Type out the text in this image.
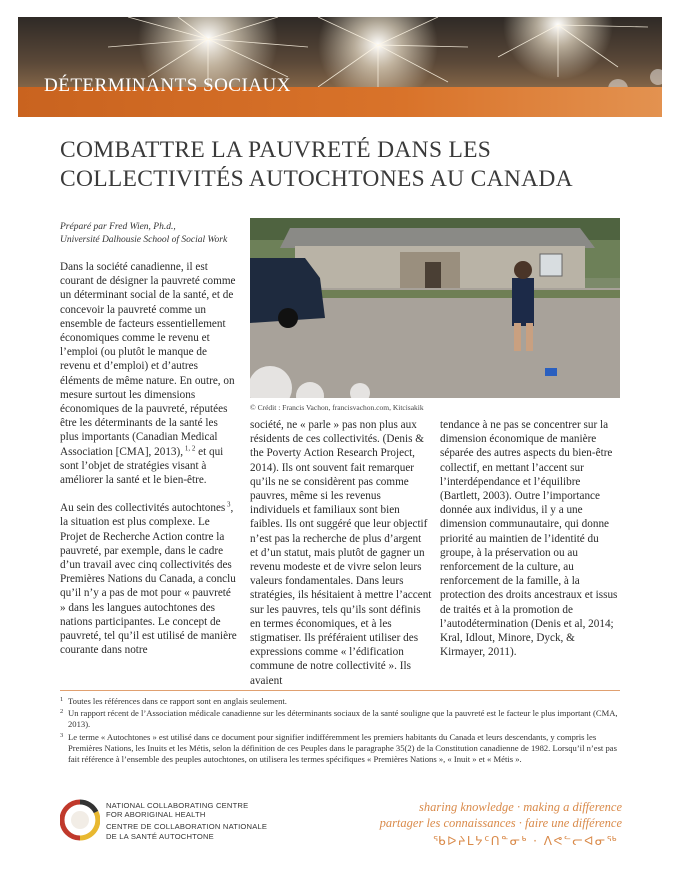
DÉTERMINANTS SOCIAUX
COMBATTRE LA PAUVRETÉ DANS LES
COLLECTIVITÉS AUTOCHTONES AU CANADA
Préparé par Fred Wien, Ph.d.,
Université Dalhousie School of Social Work

Dans la société canadienne, il est courant de désigner la pauvreté comme un déterminant social de la santé, et de concevoir la pauvreté comme un ensemble de facteurs essentiellement économiques comme le revenu et l’emploi (ou plutôt le manque de revenu et d’emploi) et d’autres éléments de même nature. En outre, on mesure surtout les dimensions économiques de la pauvreté, réputées être les déterminants de la santé les plus importants (Canadian Medical Association [CMA], 2013), $^{1, 2}$ et qui sont l’objet de stratégies visant à améliorer la santé et le bien-être.

Au sein des collectivités autochtones $^3$, la situation est plus complexe. Le Projet de Recherche Action contre la pauvreté, par exemple, dans le cadre d’un travail avec cinq collectivités des Premières Nations du Canada, a conclu qu’il n’y a pas de mot pour « pauvreté » dans les langues autochtones des nations participantes. Le concept de pauvreté, tel qu’il est utilisé de manière courante dans notre

© Crédit : Francis Vachon, francisvachon.com, Kitcisakik

société, ne « parle » pas non plus aux résidents de ces collectivités. (Denis & the Poverty Action Research Project, 2014). Ils ont souvent fait remarquer qu’ils ne se considèrent pas comme pauvres, même si les revenus individuels et familiaux sont bien faibles. Ils ont suggéré que leur objectif n’est pas la recherche de plus d’argent et d’un statut, mais plutôt de gagner un revenu modeste et de vivre selon leurs valeurs fondamentales. Dans leurs stratégies, ils hésitaient à mettre l’accent sur les pauvres, tels qu’ils sont définis en termes économiques, et à les stigmatiser. Ils préféraient utiliser des expressions comme « l’édification commune de notre collectivité ». Ils avaient

tendance à ne pas se concentrer sur la dimension économique de manière séparée des autres aspects du bien-être collectif, en mettant l’accent sur l’interdépendance et l’équilibre (Bartlett, 2003). Outre l’importance donnée aux individus, il y a une dimension communautaire, qui donne priorité au maintien de l’identité du groupe, à la préservation ou au renforcement de la culture, au renforcement de la famille, à la protection des droits ancestraux et issus de traités et à la promotion de l’autodétermination (Denis et al, 2014; Kral, Idlout, Minore, Dyck, & Kirmayer, 2011).

1 Toutes les références dans ce rapport sont en anglais seulement.
2 Un rapport récent de l’Association médicale canadienne sur les déterminants sociaux de la santé souligne que la pauvreté est le facteur le plus important (CMA, 2013).
3 Le terme « Autochtones » est utilisé dans ce document pour signifier indifféremment les premiers habitants du Canada et leurs descendants, y compris les Premières Nations, les Inuits et les Métis, selon la définition de ces Peuples dans le paragraphe 35(2) de la Constitution canadienne de 1982. Lorsqu’il n’est pas fait référence à l’ensemble des peuples autochtones, on utilisera les termes spécifiques « Premières Nations », « Inuit » et « Métis ».
NATIONAL COLLABORATING CENTRE
FOR ABORIGINAL HEALTH
CENTRE DE COLLABORATION NATIONALE
DE LA SANTÉ AUTOCHTONE
sharing knowledge · making a difference
partager les connaissances · faire une différence
ᖃᐅᔨᒪᔭᑦᑎᓐᓂᒃ · ᐱᕙᓪᓕᐊᓂᖅ
